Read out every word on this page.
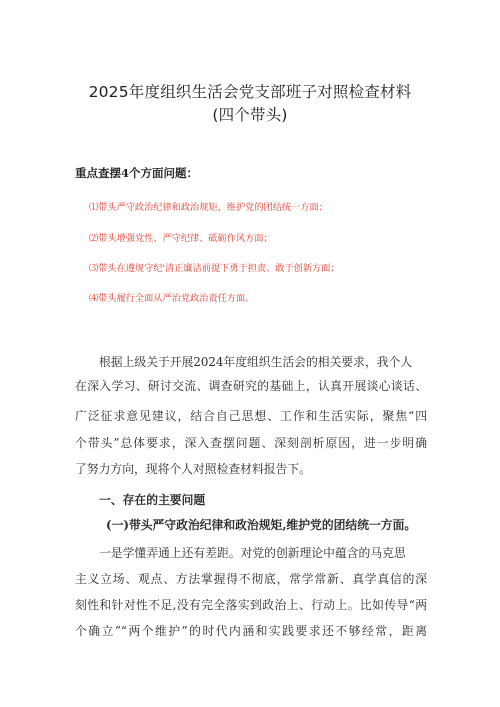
2025年度组织生活会党支部班子对照检查材料
(四个带头)
重点查摆4个方面问题：
⑴带头严守政治纪律和政治规矩，维护党的团结统一方面；
⑵带头增强党性、严守纪律、砥砺作风方面；
⑶带头在遵规守纪'清正廉洁前提下勇于担责、敢于创新方面；
⑷带头履行全面从严治党政治责任方面。
根据上级关于开展2024年度组织生活会的相关要求，我个人
在深入学习、研讨交流、调查研究的基础上，认真开展谈心谈话、
广泛征求意见建议，结合自己思想、工作和生活实际，聚焦“四
个带头”总体要求，深入查摆问题、深刻剖析原因，进一步明确
了努力方向，现将个人对照检查材料报告下。
一、存在的主要问题
(一)带头严守政治纪律和政治规矩,维护党的团结统一方面。
一是学懂弄通上还有差距。对党的创新理论中蕴含的马克思
主义立场、观点、方法掌握得不彻底，常学常新、真学真信的深
刻性和针对性不足,没有完全落实到政治上、行动上。比如传导“两
个确立”“两个维护”的时代内涵和实践要求还不够经常，距离
